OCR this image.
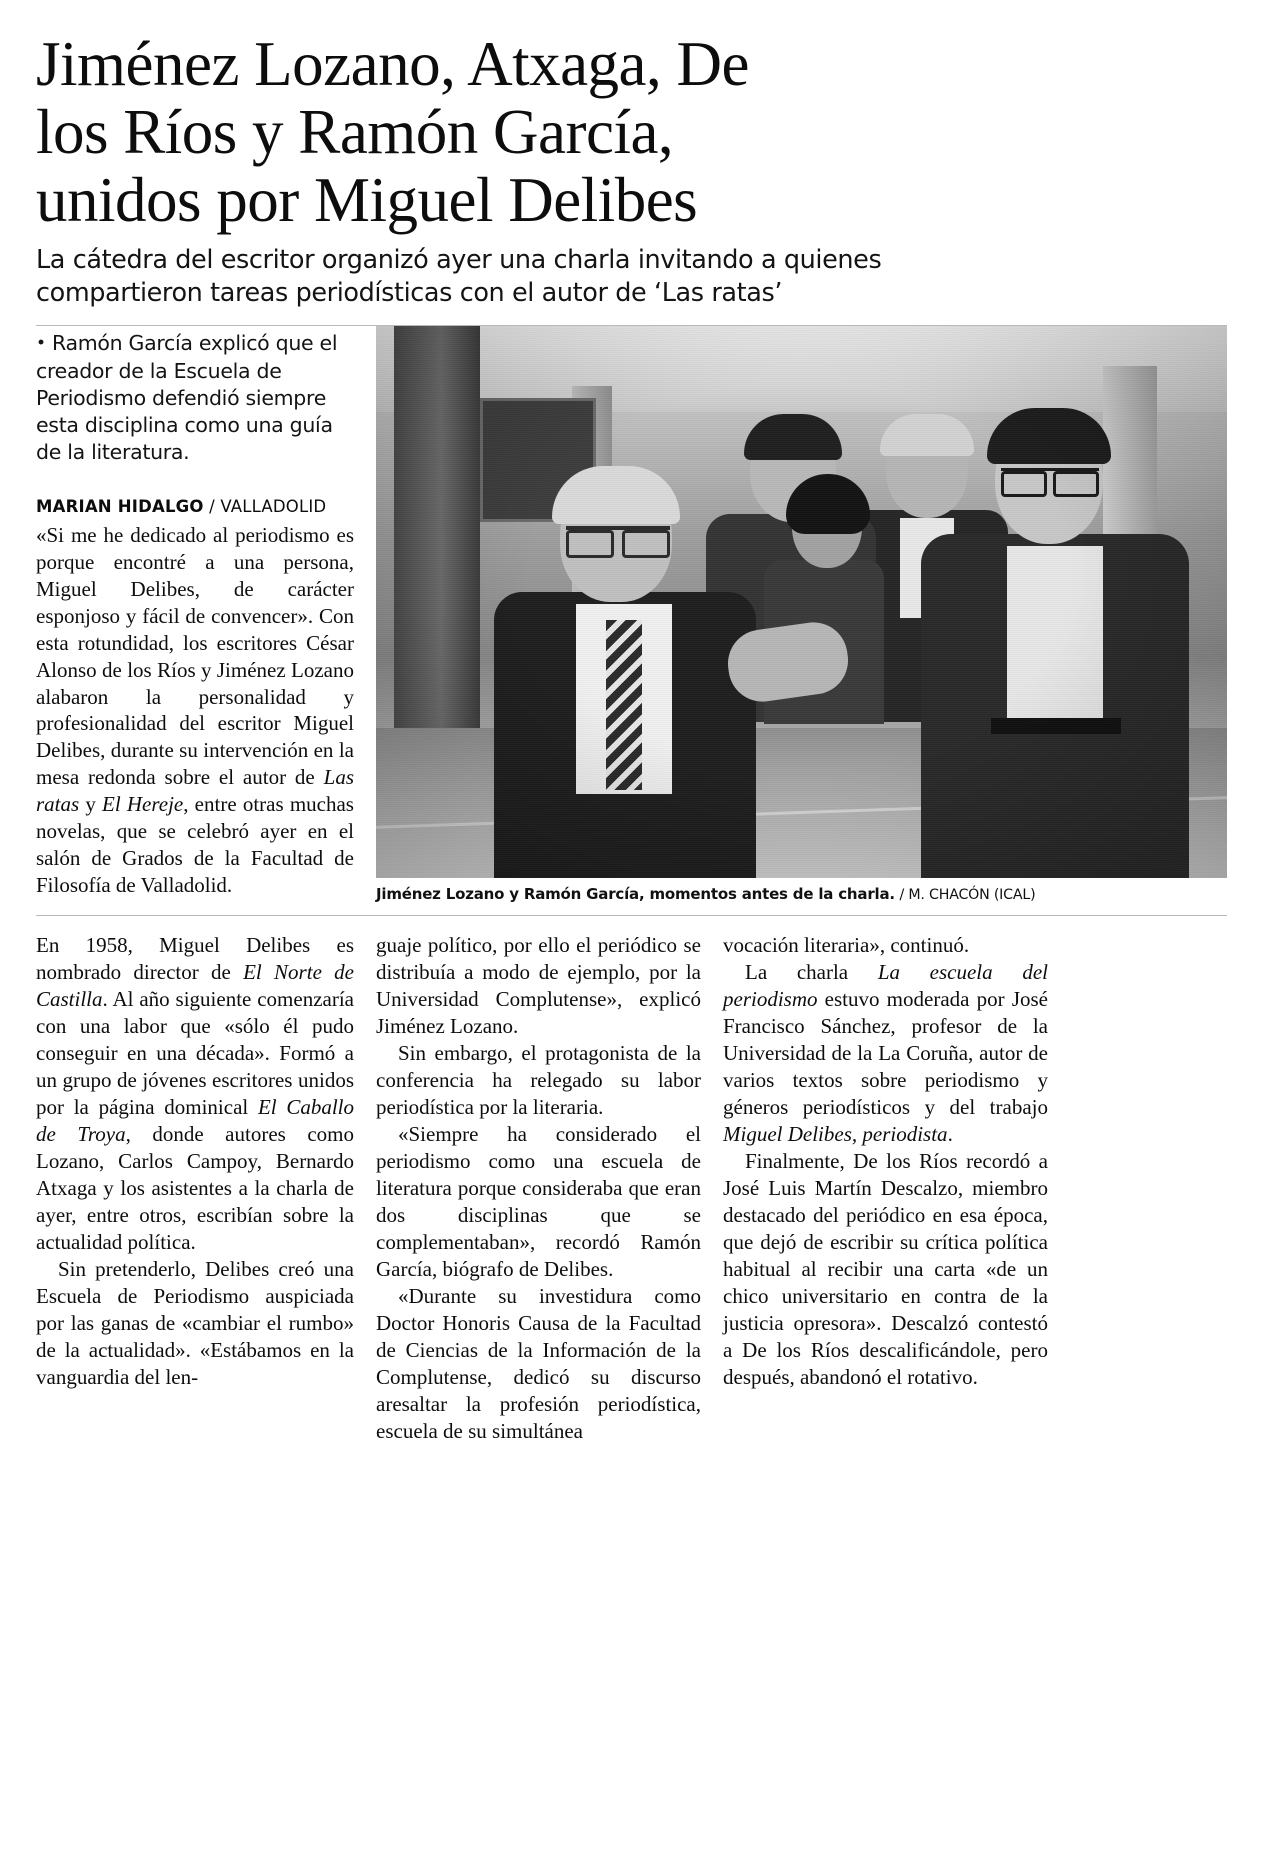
Jiménez Lozano, Atxaga, De
los Ríos y Ramón García,
unidos por Miguel Delibes
La cátedra del escritor organizó ayer una charla invitando a quienes
compartieron tareas periodísticas con el autor de ‘Las ratas’
• Ramón García explicó que el creador de la Escuela de Periodismo defendió siempre esta disciplina como una guía de la literatura.
MARIAN HIDALGO / VALLADOLID

«Si me he dedicado al periodismo es porque encontré a una persona, Miguel Delibes, de carácter esponjoso y fácil de convencer». Con esta rotundidad, los escritores César Alonso de los Ríos y Jiménez Lozano alabaron la personalidad y profesionalidad del escritor Miguel Delibes, durante su intervención en la mesa redonda sobre el autor de Las ratas y El Hereje, entre otras muchas novelas, que se celebró ayer en el salón de Grados de la Facultad de Filosofía de Valladolid.	Jiménez Lozano y Ramón García, momentos antes de la charla. / M. CHACÓN (ICAL)

En 1958, Miguel Delibes es nombrado director de El Norte de Castilla. Al año siguiente comenzaría con una labor que «sólo él pudo conseguir en una década». Formó a un grupo de jóvenes escritores unidos por la página dominical El Caballo de Troya, donde autores como Lozano, Carlos Campoy, Bernardo Atxaga y los asistentes a la charla de ayer, entre otros, escribían sobre la actualidad política.

Sin pretenderlo, Delibes creó una Escuela de Periodismo auspiciada por las ganas de «cambiar el rumbo» de la actualidad». «Estábamos en la vanguardia del len-

guaje político, por ello el periódico se distribuía a modo de ejemplo, por la Universidad Complutense», explicó Jiménez Lozano.

Sin embargo, el protagonista de la conferencia ha relegado su labor periodística por la literaria.

«Siempre ha considerado el periodismo como una escuela de literatura porque consideraba que eran dos disciplinas que se complementaban», recordó Ramón García, biógrafo de Delibes.

«Durante su investidura como Doctor Honoris Causa de la Facultad de Ciencias de la Información de la Complutense, dedicó su discurso aresaltar la profesión periodística, escuela de su simultánea

vocación literaria», continuó.

La charla La escuela del periodismo estuvo moderada por José Francisco Sánchez, profesor de la Universidad de la La Coruña, autor de varios textos sobre periodismo y géneros periodísticos y del trabajo Miguel Delibes, periodista.

Finalmente, De los Ríos recordó a José Luis Martín Descalzo, miembro destacado del periódico en esa época, que dejó de escribir su crítica política habitual al recibir una carta «de un chico universitario en contra de la justicia opresora». Descalzó contestó a De los Ríos descalificándole, pero después, abandonó el rotativo.
